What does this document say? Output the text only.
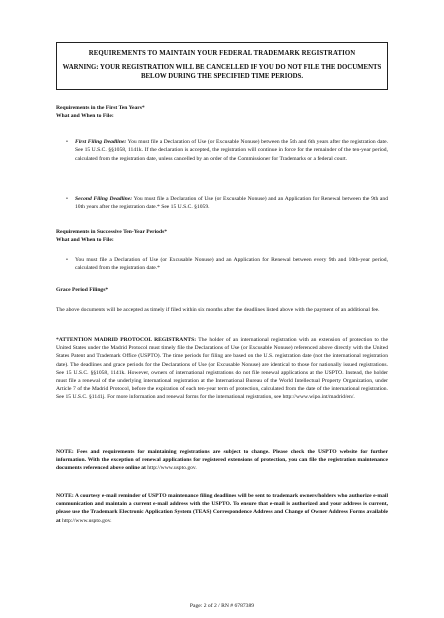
REQUIREMENTS TO MAINTAIN YOUR FEDERAL TRADEMARK REGISTRATION
WARNING: YOUR REGISTRATION WILL BE CANCELLED IF YOU DO NOT FILE THE DOCUMENTS BELOW DURING THE SPECIFIED TIME PERIODS.
Requirements in the First Ten Years*
What and When to File:
• First Filing Deadline: You must file a Declaration of Use (or Excusable Nonuse) between the 5th and 6th years after the registration date. See 15 U.S.C. §§1058, 1141k. If the declaration is accepted, the registration will continue in force for the remainder of the ten-year period, calculated from the registration date, unless cancelled by an order of the Commissioner for Trademarks or a federal court.
• Second Filing Deadline: You must file a Declaration of Use (or Excusable Nonuse) and an Application for Renewal between the 9th and 10th years after the registration date.* See 15 U.S.C. §1059.
Requirements in Successive Ten-Year Periods*
What and When to File:
• You must file a Declaration of Use (or Excusable Nonuse) and an Application for Renewal between every 9th and 10th-year period, calculated from the registration date.*
Grace Period Filings*
The above documents will be accepted as timely if filed within six months after the deadlines listed above with the payment of an additional fee.
*ATTENTION MADRID PROTOCOL REGISTRANTS: The holder of an international registration with an extension of protection to the United States under the Madrid Protocol must timely file the Declarations of Use (or Excusable Nonuse) referenced above directly with the United States Patent and Trademark Office (USPTO). The time periods for filing are based on the U.S. registration date (not the international registration date). The deadlines and grace periods for the Declarations of Use (or Excusable Nonuse) are identical to those for nationally issued registrations. See 15 U.S.C. §§1058, 1141k. However, owners of international registrations do not file renewal applications at the USPTO. Instead, the holder must file a renewal of the underlying international registration at the International Bureau of the World Intellectual Property Organization, under Article 7 of the Madrid Protocol, before the expiration of each ten-year term of protection, calculated from the date of the international registration. See 15 U.S.C. §1141j. For more information and renewal forms for the international registration, see http://www.wipo.int/madrid/en/.
NOTE: Fees and requirements for maintaining registrations are subject to change. Please check the USPTO website for further information. With the exception of renewal applications for registered extensions of protection, you can file the registration maintenance documents referenced above online at http://www.uspto.gov.
NOTE: A courtesy e-mail reminder of USPTO maintenance filing deadlines will be sent to trademark owners/holders who authorize e-mail communication and maintain a current e-mail address with the USPTO. To ensure that e-mail is authorized and your address is current, please use the Trademark Electronic Application System (TEAS) Correspondence Address and Change of Owner Address Forms available at http://www.uspto.gov.
Page: 2 of 2 / RN # 6787389
